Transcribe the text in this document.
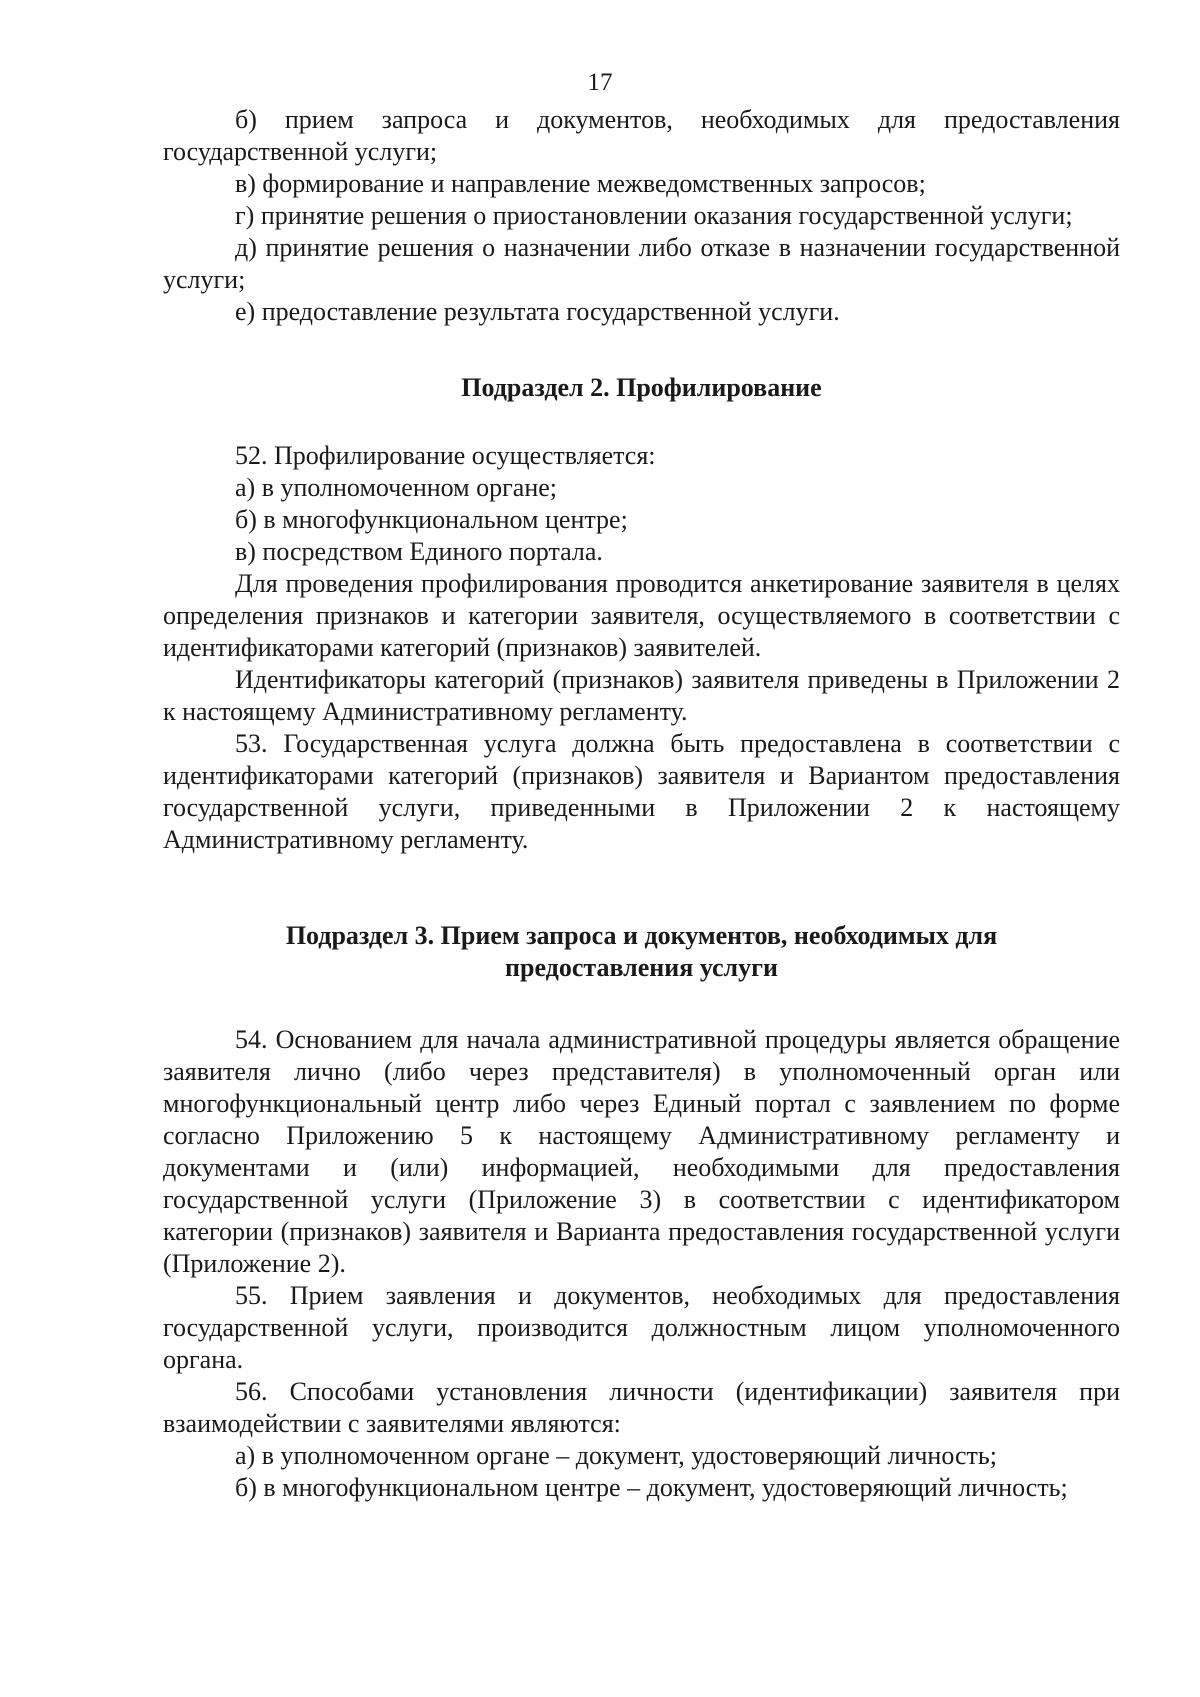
17

б) прием запроса и документов, необходимых для предоставления государственной услуги;

в) формирование и направление межведомственных запросов;

г) принятие решения о приостановлении оказания государственной услуги;

д) принятие решения о назначении либо отказе в назначении государственной услуги;

е) предоставление результата государственной услуги.

Подраздел 2. Профилирование

52. Профилирование осуществляется:

а) в уполномоченном органе;

б) в многофункциональном центре;

в) посредством Единого портала.

Для проведения профилирования проводится анкетирование заявителя в целях определения признаков и категории заявителя, осуществляемого в соответствии с идентификаторами категорий (признаков) заявителей.

Идентификаторы категорий (признаков) заявителя приведены в Приложении 2 к настоящему Административному регламенту.

53. Государственная услуга должна быть предоставлена в соответствии с идентификаторами категорий (признаков) заявителя и Вариантом предоставления государственной услуги, приведенными в Приложении 2 к настоящему Административному регламенту.

Подраздел 3. Прием запроса и документов, необходимых для

предоставления услуги

54. Основанием для начала административной процедуры является обращение заявителя лично (либо через представителя) в уполномоченный орган или многофункциональный центр либо через Единый портал с заявлением по форме согласно Приложению 5 к настоящему Административному регламенту и документами и (или) информацией, необходимыми для предоставления государственной услуги (Приложение 3) в соответствии с идентификатором категории (признаков) заявителя и Варианта предоставления государственной услуги (Приложение 2).

55. Прием заявления и документов, необходимых для предоставления государственной услуги, производится должностным лицом уполномоченного органа.

56. Способами установления личности (идентификации) заявителя при взаимодействии с заявителями являются:

а) в уполномоченном органе – документ, удостоверяющий личность;

б) в многофункциональном центре – документ, удостоверяющий личность;
